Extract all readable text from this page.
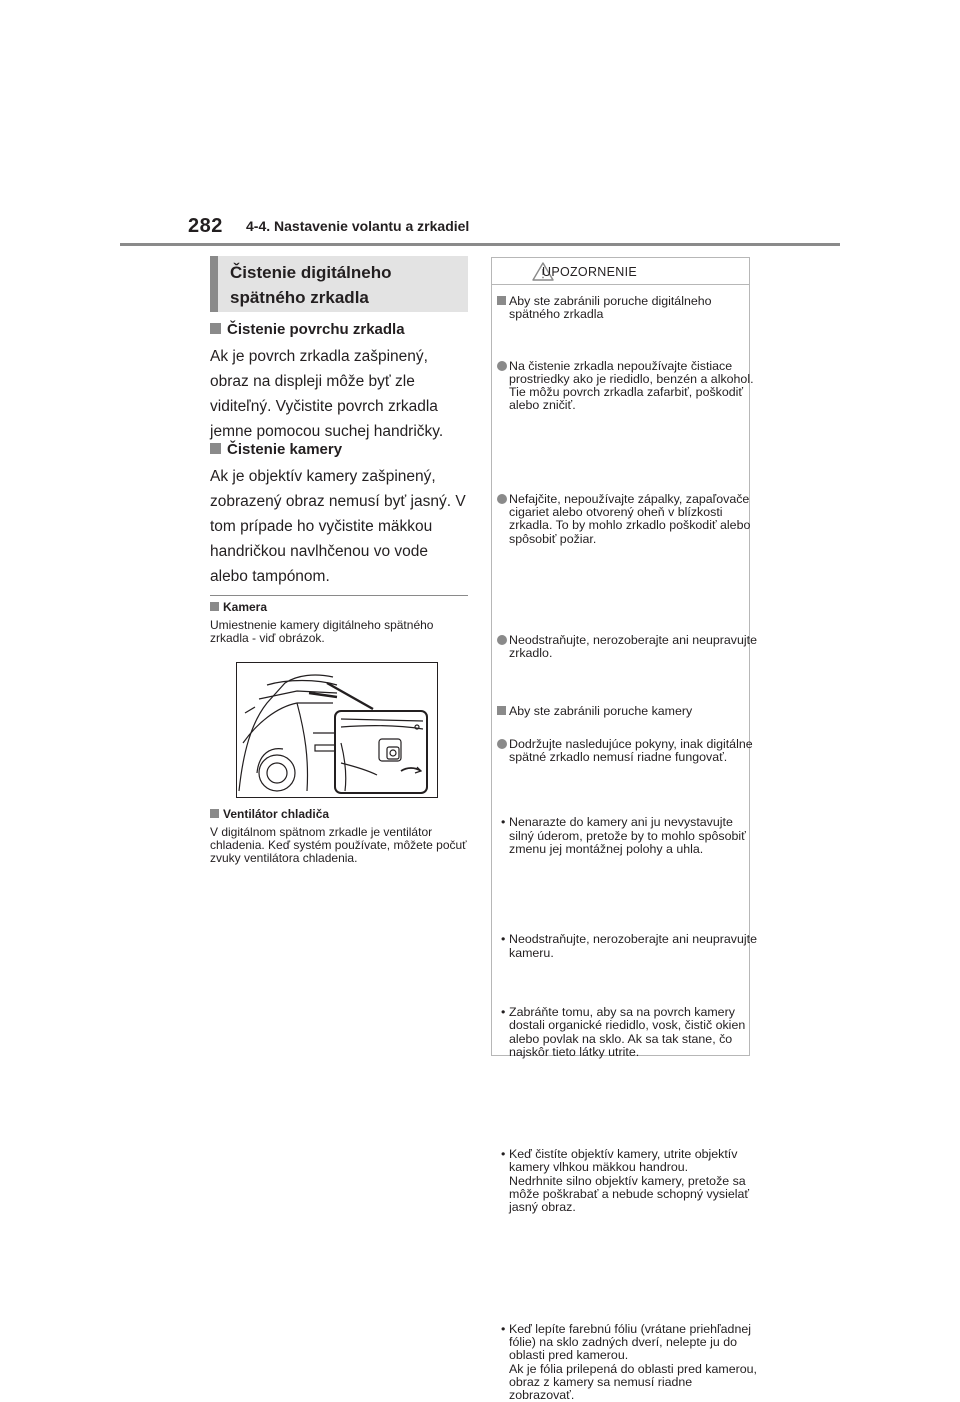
282 4-4. Nastavenie volantu a zrkadiel
Čistenie digitálneho spätného zrkadla
Čistenie povrchu zrkadla
Ak je povrch zrkadla zašpinený, obraz na displeji môže byť zle viditeľný. Vyčistite povrch zrkadla jemne pomocou suchej handričky.
Čistenie kamery
Ak je objektív kamery zašpinený, zobrazený obraz nemusí byť jasný. V tom prípade ho vyčistite mäkkou handričkou navlhčenou vo vode alebo tampónom.
Kamera
Umiestnenie kamery digitálneho spätného zrkadla - viď obrázok.
Ventilátor chladiča
V digitálnom spätnom zrkadle je ventilátor chladenia. Keď systém používate, môžete počuť zvuky ventilátora chladenia.
UPOZORNENIE
Aby ste zabránili poruche digitálneho spätného zrkadla
Na čistenie zrkadla nepoužívajte čistiace prostriedky ako je riedidlo, benzén a alkohol. Tie môžu povrch zrkadla zafarbiť, poškodiť alebo zničiť.
Nefajčite, nepoužívajte zápalky, zapaľovače cigariet alebo otvorený oheň v blízkosti zrkadla. To by mohlo zrkadlo poškodiť alebo spôsobiť požiar.
Neodstraňujte, nerozoberajte ani neupravujte zrkadlo.
Aby ste zabránili poruche kamery
Dodržujte nasledujúce pokyny, inak digitálne spätné zrkadlo nemusí riadne fungovať.
• Nenarazte do kamery ani ju nevystavujte silný úderom, pretože by to mohlo spôsobiť zmenu jej montážnej polohy a uhla.
• Neodstraňujte, nerozoberajte ani neupravujte kameru.
• Zabráňte tomu, aby sa na povrch kamery dostali organické riedidlo, vosk, čistič okien alebo povlak na sklo. Ak sa tak stane, čo najskôr tieto látky utrite.
• Keď čistíte objektív kamery, utrite objektív kamery vlhkou mäkkou handrou.
Nedrhnite silno objektív kamery, pretože sa môže poškrabať a nebude schopný vysielať jasný obraz.
• Keď lepíte farebnú fóliu (vrátane priehľadnej fólie) na sklo zadných dverí, nelepte ju do oblasti pred kamerou.
Ak je fólia prilepená do oblasti pred kamerou, obraz z kamery sa nemusí riadne zobrazovať.
